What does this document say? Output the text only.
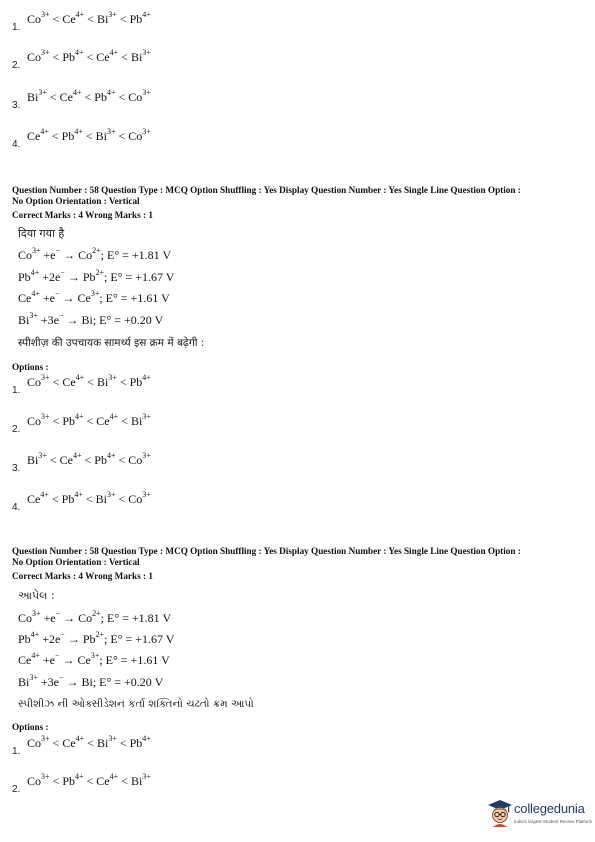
1.
$Co^{3+} < Ce^{4+} < Bi^{3+} < Pb^{4+}$
2.
$Co^{3+} < Pb^{4+} < Ce^{4+} < Bi^{3+}$
3.
$Bi^{3+} < Ce^{4+} < Pb^{4+} < Co^{3+}$
4.
$Ce^{4+} < Pb^{4+} < Bi^{3+} < Co^{3+}$
Question Number : 58 Question Type : MCQ Option Shuffling : Yes Display Question Number : Yes Single Line Question Option :
No Option Orientation : Vertical
Correct Marks : 4 Wrong Marks : 1
दिया गया है
$Co^{3+} +e^- \to Co^{2+}$; E° = +1.81 V
$Pb^{4+} +2e^- \to Pb^{2+}$; E° = +1.67 V
$Ce^{4+} +e^- \to Ce^{3+}$; E° = +1.61 V
$Bi^{3+} +3e^- \to Bi$; E° = +0.20 V
स्पीशीज़ की उपचायक सामर्थ्य इस क्रम में बढ़ेगी :
Options :
1.
$Co^{3+} < Ce^{4+} < Bi^{3+} < Pb^{4+}$
2.
$Co^{3+} < Pb^{4+} < Ce^{4+} < Bi^{3+}$
3.
$Bi^{3+} < Ce^{4+} < Pb^{4+} < Co^{3+}$
4.
$Ce^{4+} < Pb^{4+} < Bi^{3+} < Co^{3+}$
Question Number : 58 Question Type : MCQ Option Shuffling : Yes Display Question Number : Yes Single Line Question Option :
No Option Orientation : Vertical
Correct Marks : 4 Wrong Marks : 1
આપેલ :
$Co^{3+} +e^- \to Co^{2+}$; E° = +1.81 V
$Pb^{4+} +2e^- \to Pb^{2+}$; E° = +1.67 V
$Ce^{4+} +e^- \to Ce^{3+}$; E° = +1.61 V
$Bi^{3+} +3e^- \to Bi$; E° = +0.20 V
સ્પીશીઝ ની ઓક્સીડેશન કર્તા શક્તિનો ચઢતો ક્રમ આપો
Options :
1.
$Co^{3+} < Ce^{4+} < Bi^{3+} < Pb^{4+}$
2.
$Co^{3+} < Pb^{4+} < Ce^{4+} < Bi^{3+}$
collegedunia
India's largest Student Review Platform
